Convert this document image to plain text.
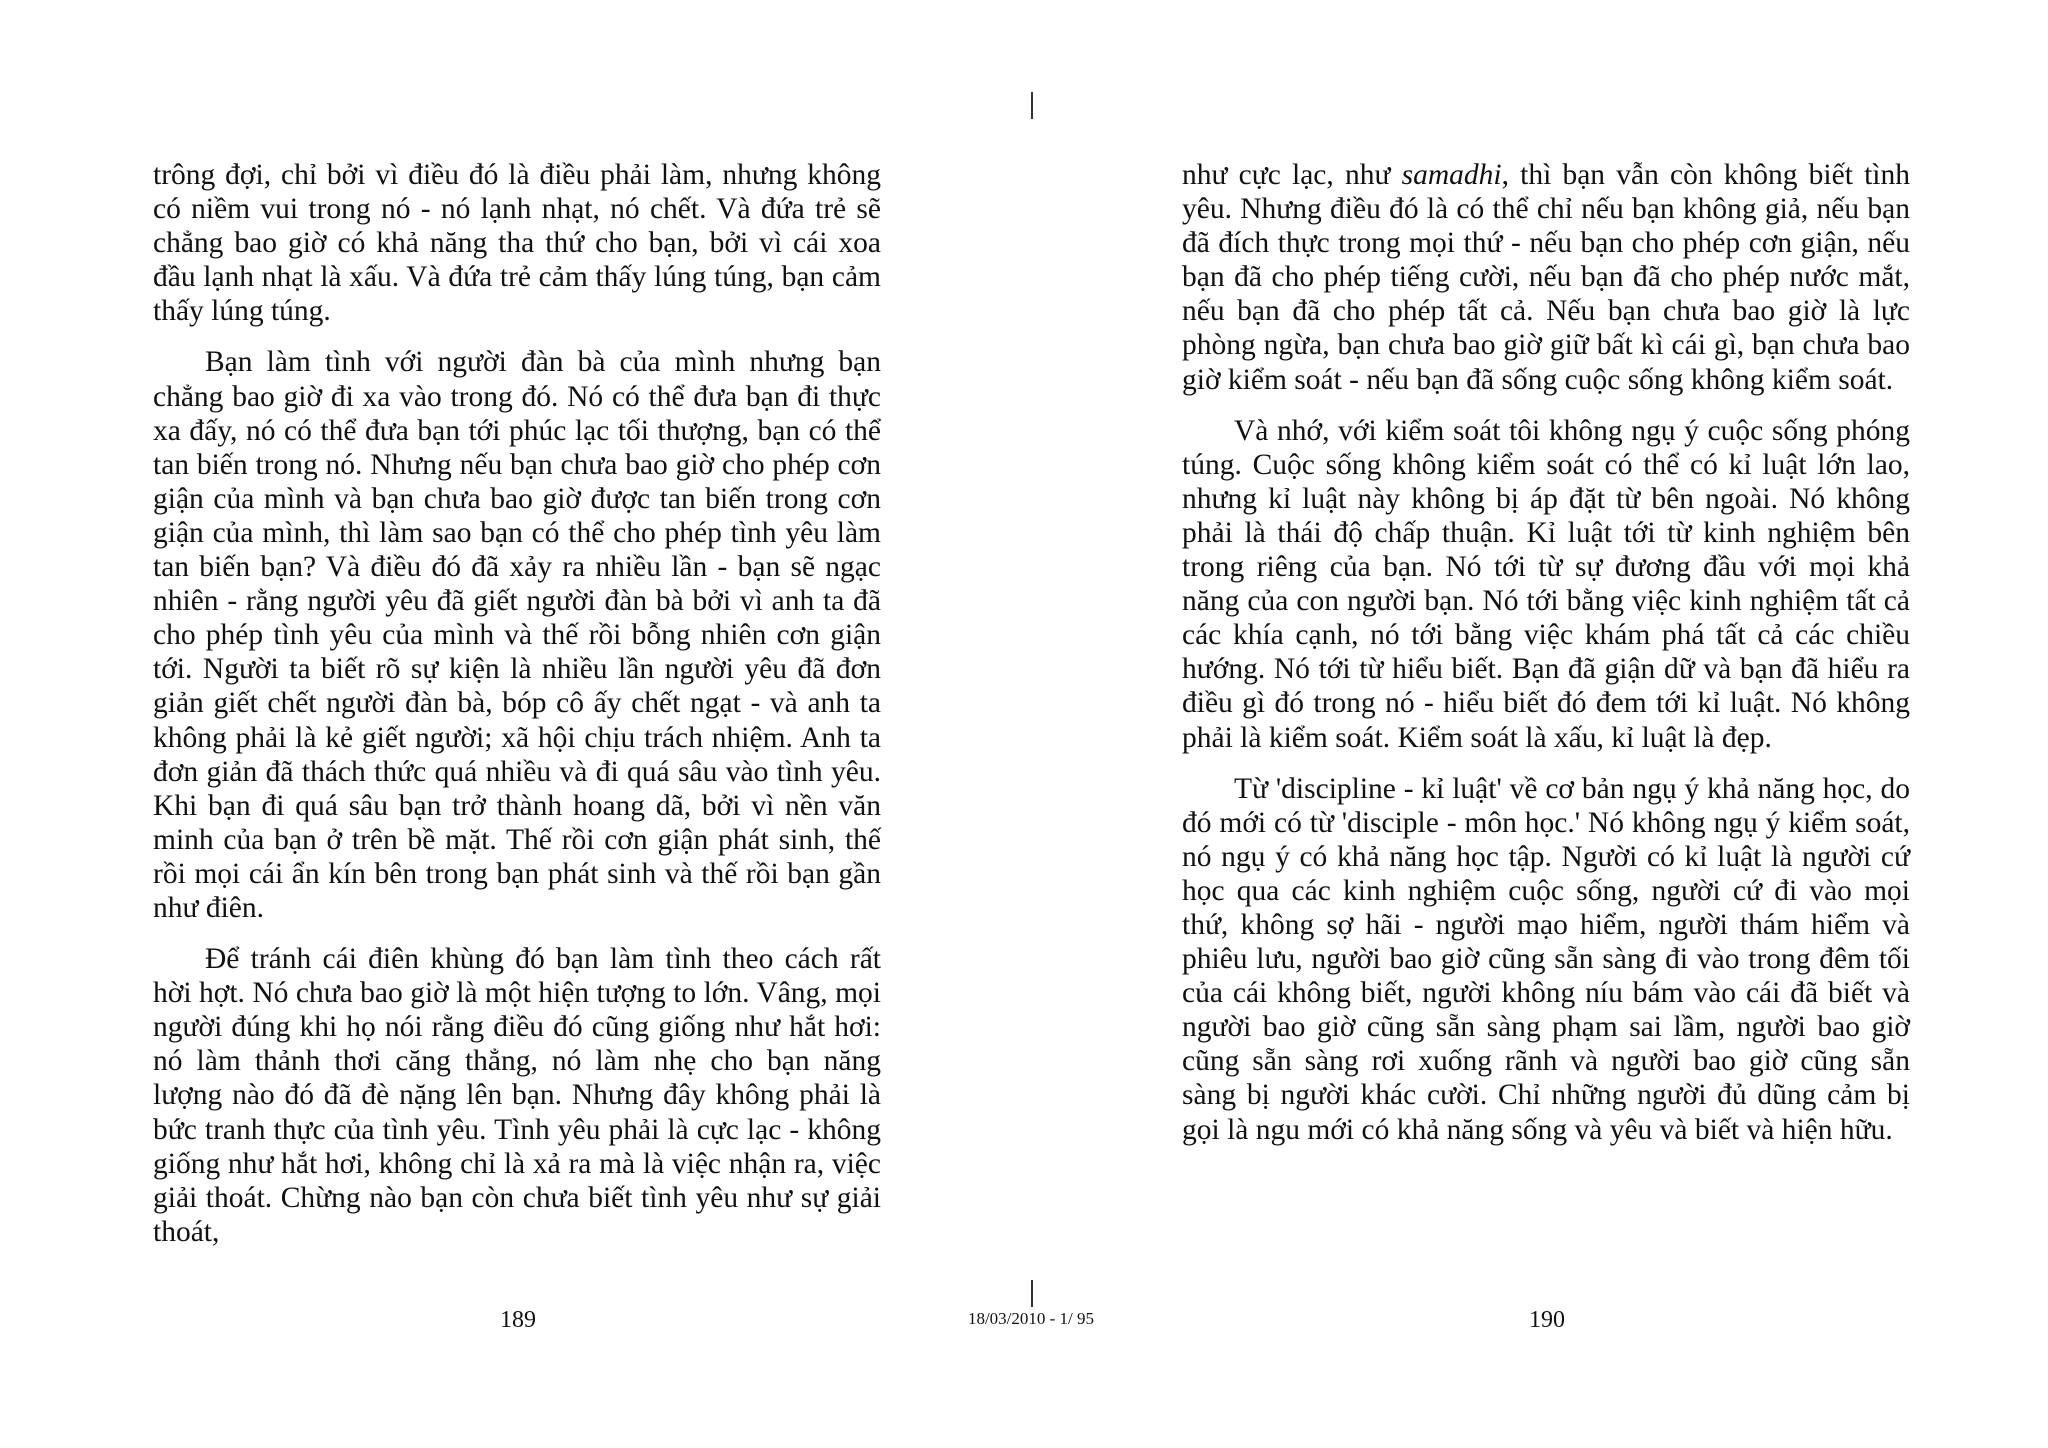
trông đợi, chỉ bởi vì điều đó là điều phải làm, nhưng không có niềm vui trong nó - nó lạnh nhạt, nó chết. Và đứa trẻ sẽ chẳng bao giờ có khả năng tha thứ cho bạn, bởi vì cái xoa đầu lạnh nhạt là xấu. Và đứa trẻ cảm thấy lúng túng, bạn cảm thấy lúng túng.

Bạn làm tình với người đàn bà của mình nhưng bạn chẳng bao giờ đi xa vào trong đó. Nó có thể đưa bạn đi thực xa đấy, nó có thể đưa bạn tới phúc lạc tối thượng, bạn có thể tan biến trong nó. Nhưng nếu bạn chưa bao giờ cho phép cơn giận của mình và bạn chưa bao giờ được tan biến trong cơn giận của mình, thì làm sao bạn có thể cho phép tình yêu làm tan biến bạn? Và điều đó đã xảy ra nhiều lần - bạn sẽ ngạc nhiên - rằng người yêu đã giết người đàn bà bởi vì anh ta đã cho phép tình yêu của mình và thế rồi bỗng nhiên cơn giận tới. Người ta biết rõ sự kiện là nhiều lần người yêu đã đơn giản giết chết người đàn bà, bóp cô ấy chết ngạt - và anh ta không phải là kẻ giết người; xã hội chịu trách nhiệm. Anh ta đơn giản đã thách thức quá nhiều và đi quá sâu vào tình yêu. Khi bạn đi quá sâu bạn trở thành hoang dã, bởi vì nền văn minh của bạn ở trên bề mặt. Thế rồi cơn giận phát sinh, thế rồi mọi cái ẩn kín bên trong bạn phát sinh và thế rồi bạn gần như điên.

Để tránh cái điên khùng đó bạn làm tình theo cách rất hời hợt. Nó chưa bao giờ là một hiện tượng to lớn. Vâng, mọi người đúng khi họ nói rằng điều đó cũng giống như hắt hơi: nó làm thảnh thơi căng thẳng, nó làm nhẹ cho bạn năng lượng nào đó đã đè nặng lên bạn. Nhưng đây không phải là bức tranh thực của tình yêu. Tình yêu phải là cực lạc - không giống như hắt hơi, không chỉ là xả ra mà là việc nhận ra, việc giải thoát. Chừng nào bạn còn chưa biết tình yêu như sự giải thoát,

như cực lạc, như samadhi, thì bạn vẫn còn không biết tình yêu. Nhưng điều đó là có thể chỉ nếu bạn không giả, nếu bạn đã đích thực trong mọi thứ - nếu bạn cho phép cơn giận, nếu bạn đã cho phép tiếng cười, nếu bạn đã cho phép nước mắt, nếu bạn đã cho phép tất cả. Nếu bạn chưa bao giờ là lực phòng ngừa, bạn chưa bao giờ giữ bất kì cái gì, bạn chưa bao giờ kiểm soát - nếu bạn đã sống cuộc sống không kiểm soát.

Và nhớ, với kiểm soát tôi không ngụ ý cuộc sống phóng túng. Cuộc sống không kiểm soát có thể có kỉ luật lớn lao, nhưng kỉ luật này không bị áp đặt từ bên ngoài. Nó không phải là thái độ chấp thuận. Kỉ luật tới từ kinh nghiệm bên trong riêng của bạn. Nó tới từ sự đương đầu với mọi khả năng của con người bạn. Nó tới bằng việc kinh nghiệm tất cả các khía cạnh, nó tới bằng việc khám phá tất cả các chiều hướng. Nó tới từ hiểu biết. Bạn đã giận dữ và bạn đã hiểu ra điều gì đó trong nó - hiểu biết đó đem tới kỉ luật. Nó không phải là kiểm soát. Kiểm soát là xấu, kỉ luật là đẹp.

Từ 'discipline - kỉ luật' về cơ bản ngụ ý khả năng học, do đó mới có từ 'disciple - môn học.' Nó không ngụ ý kiểm soát, nó ngụ ý có khả năng học tập. Người có kỉ luật là người cứ học qua các kinh nghiệm cuộc sống, người cứ đi vào mọi thứ, không sợ hãi - người mạo hiểm, người thám hiểm và phiêu lưu, người bao giờ cũng sẵn sàng đi vào trong đêm tối của cái không biết, người không níu bám vào cái đã biết và người bao giờ cũng sẵn sàng phạm sai lầm, người bao giờ cũng sẵn sàng rơi xuống rãnh và người bao giờ cũng sẵn sàng bị người khác cười. Chỉ những người đủ dũng cảm bị gọi là ngu mới có khả năng sống và yêu và biết và hiện hữu.

189	18/03/2010 - 1/ 95	190
